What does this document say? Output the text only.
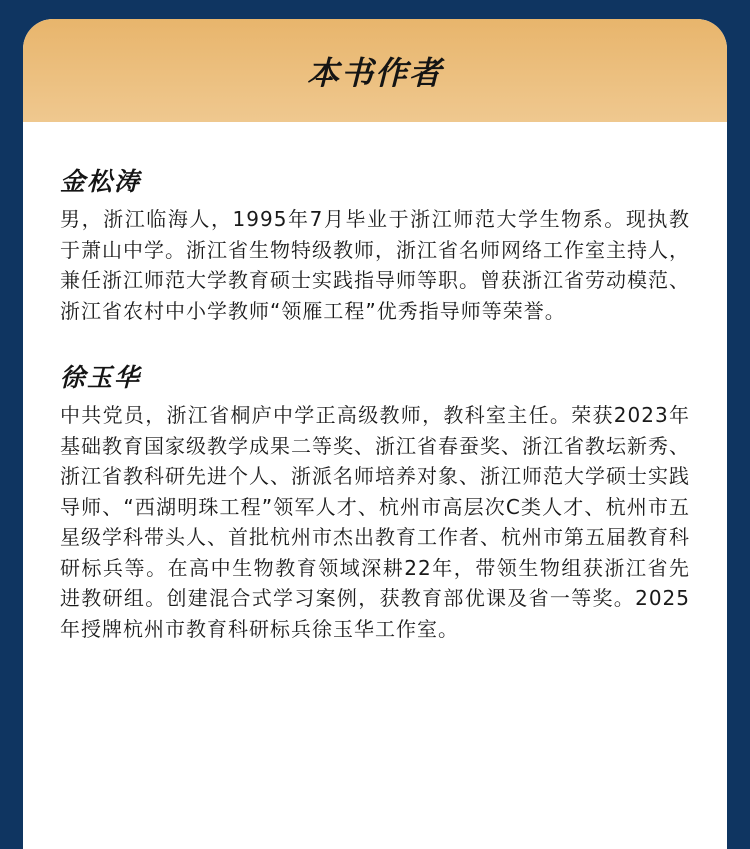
本书作者
金松涛

男，浙江临海人，1995年7月毕业于浙江师范大学生物系。现执教于萧山中学。浙江省生物特级教师，浙江省名师网络工作室主持人，兼任浙江师范大学教育硕士实践指导师等职。曾获浙江省劳动模范、浙江省农村中小学教师“领雁工程”优秀指导师等荣誉。

徐玉华

中共党员，浙江省桐庐中学正高级教师，教科室主任。荣获2023年基础教育国家级教学成果二等奖、浙江省春蚕奖、浙江省教坛新秀、浙江省教科研先进个人、浙派名师培养对象、浙江师范大学硕士实践导师、“西湖明珠工程”领军人才、杭州市高层次C类人才、杭州市五星级学科带头人、首批杭州市杰出教育工作者、杭州市第五届教育科研标兵等。在高中生物教育领域深耕22年，带领生物组获浙江省先进教研组。创建混合式学习案例，获教育部优课及省一等奖。2025年授牌杭州市教育科研标兵徐玉华工作室。
